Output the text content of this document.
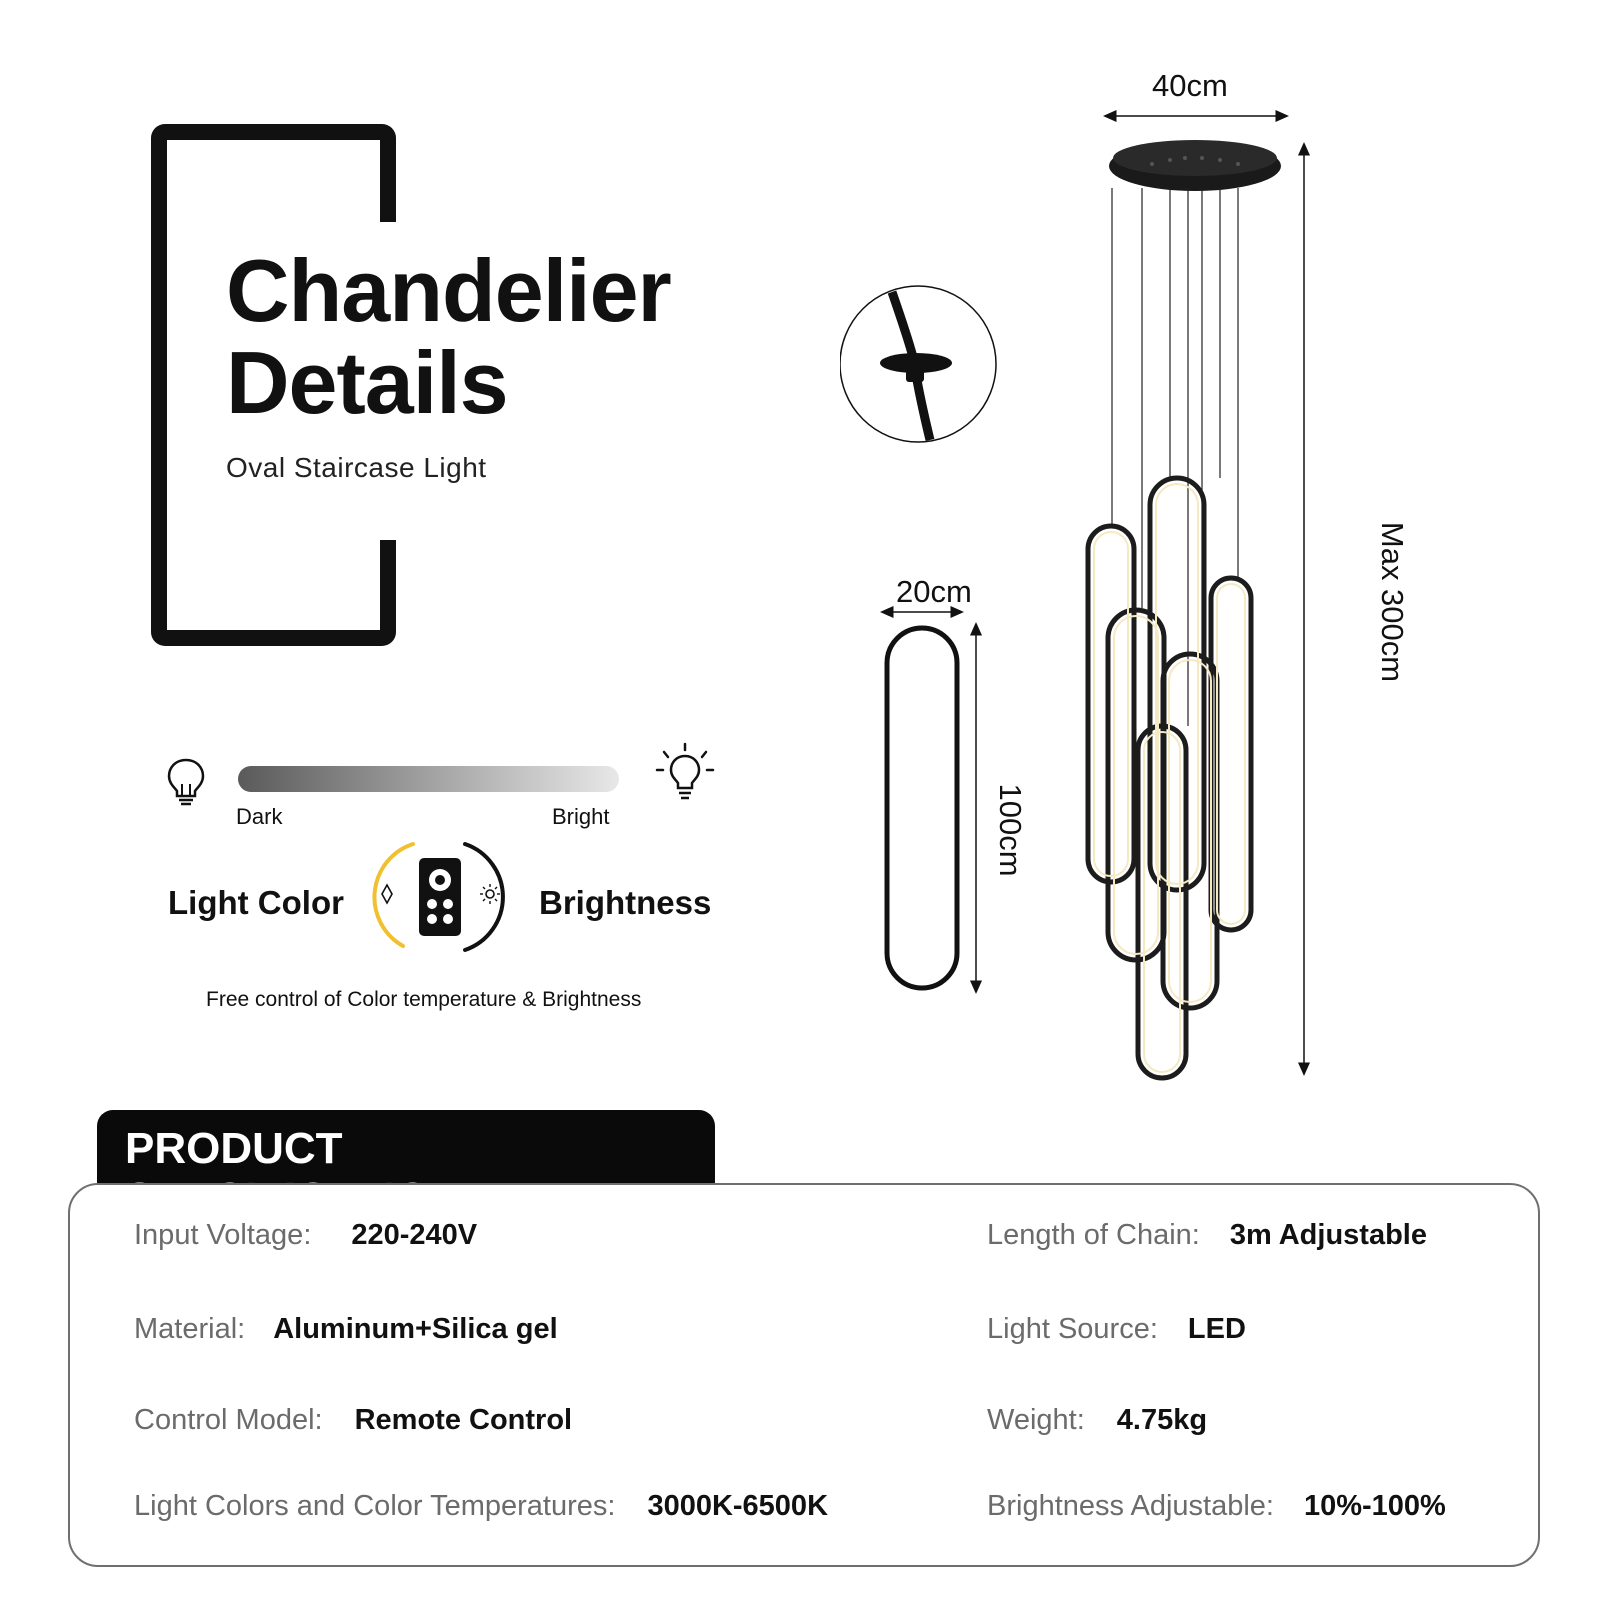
Chandelier
Details
Oval Staircase Light
Dark	Bright
Light Color	Brightness
Free control of Color temperature & Brightness
40cm
20cm
100cm
Max 300cm
PRODUCT
Input Voltage: 220-240V	Length of Chain: 3m Adjustable
Material: Aluminum+Silica gel	Light Source: LED
Control Model: Remote Control	Weight: 4.75kg
Light Colors and Color Temperatures: 3000K-6500K	Brightness Adjustable: 10%-100%
